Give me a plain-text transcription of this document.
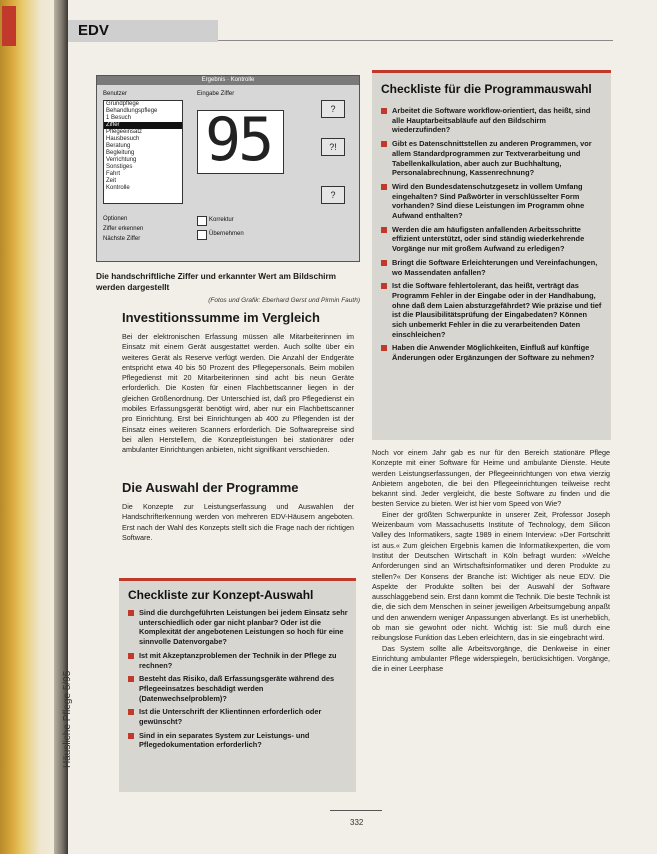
EDV
Häusliche Pflege 5/95
Ergebnis · Kontrolle
Benutzer	Eingabe Ziffer
Grundpflege
Behandlungspflege
1 Besuch
Ziffer
Pflegeeinsatz
Hausbesuch
Beratung
Begleitung
Verrichtung
Sonstiges
Fahrt
Zeit
Kontrolle
95	?
?!
?
Optionen
Ziffer erkennen
Nächste Ziffer
Korrektur
Übernehmen
Die handschriftliche Ziffer und erkannter Wert am Bildschirm werden dargestellt
(Fotos und Grafik: Eberhard Gerst und Pirmin Fauth)
Investitionssumme im Vergleich
Bei der elektronischen Erfassung müssen alle Mitarbeiterinnen im Einsatz mit einem Gerät ausgestattet werden. Auch sollte über ein weiteres Gerät als Reserve verfügt werden. Die Anzahl der Endgeräte entspricht etwa 40 bis 50 Prozent des Pflegepersonals. Beim mobilen Pflegedienst mit 20 Mitarbeiterinnen sind acht bis neun Geräte erforderlich. Die Kosten für einen Flachbettscanner liegen in der gleichen Größenordnung. Der Unterschied ist, daß pro Pflegedienst ein mobiles Erfassungsgerät benötigt wird, aber nur ein Flachbettscanner pro Einrichtung. Erst bei Einrichtungen ab 400 zu Pflegenden ist der Einsatz eines weiteren Scanners erforderlich. Die Softwarepreise sind bei allen Herstellern, die Konzeptleistungen bei stationärer oder ambulanter Einrichtungen anbieten, nicht signifikant verschieden.
Die Auswahl der Programme
Die Konzepte zur Leistungserfassung und Auswahlen der Handschrifterkennung werden von mehreren EDV-Häusern angeboten. Erst nach der Wahl des Konzepts stellt sich die Frage nach der richtigen Software.
Checkliste zur Konzept-Auswahl
Sind die durchgeführten Leistungen bei jedem Einsatz sehr unterschiedlich oder gar nicht planbar? Oder ist die Komplexität der angebotenen Leistungen so hoch für eine sinnvolle Datenvorgabe?
Ist mit Akzeptanzproblemen der Technik in der Pflege zu rechnen?
Besteht das Risiko, daß Erfassungsgeräte während des Pflegeeinsatzes beschädigt werden (Datenwechselproblem)?
Ist die Unterschrift der Klientinnen erforderlich oder gewünscht?
Sind in ein separates System zur Leistungs- und Pflegedokumentation erforderlich?
Checkliste für die Programmauswahl
Arbeitet die Software workflow-orientiert, das heißt, sind alle Hauptarbeitsabläufe auf den Bildschirm wiederzufinden?
Gibt es Datenschnittstellen zu anderen Programmen, vor allem Standardprogrammen zur Textverarbeitung und Tabellenkalkulation, aber auch zur Buchhaltung, Personalabrechnung, Kassenrechnung?
Wird den Bundesdatenschutzgesetz in vollem Umfang eingehalten? Sind Paßwörter in verschlüsselter Form vorhanden? Sind diese Leistungen im Programm ohne Aufwand enthalten?
Werden die am häufigsten anfallenden Arbeitsschritte effizient unterstützt, oder sind ständig wiederkehrende Vorgänge nur mit großem Aufwand zu erledigen?
Bringt die Software Erleichterungen und Vereinfachungen, wo Massendaten anfallen?
Ist die Software fehlertolerant, das heißt, verträgt das Programm Fehler in der Eingabe oder in der Handhabung, ohne daß dem Laien absturzgefährdet? Wie präzise und tief ist die Plausibilitätsprüfung der Eingabedaten? Können sich unbemerkt Fehler in die zu verarbeitenden Daten einschleichen?
Haben die Anwender Möglichkeiten, Einfluß auf künftige Änderungen oder Ergänzungen der Software zu nehmen?
Noch vor einem Jahr gab es nur für den Bereich stationäre Pflege Konzepte mit einer Software für Heime und ambulante Dienste. Heute werden Leistungserfassungen, der Pflegeeinrichtungen von etwa vierzig Anbietern angeboten, die bei den Pflegeeinrichtungen teilweise recht bekannt sind. Jeder vergleicht, die beste Software zu finden und die besten Service zu bieten. Wer ist hier vom Speed von Wie?
Einer der größten Schwerpunkte in unserer Zeit, Professor Joseph Weizenbaum vom Massachusetts Institute of Technology, dem Silicon Valley des Informatikers, sagte 1989 in einem Interview: »Der Fortschritt ist aus.« Zum gleichen Ergebnis kamen die Informatikexperten, die vom Institut der Deutschen Wirtschaft in Köln befragt wurden: »Welche Anforderungen sind an Wirtschaftsinformatiker und deren Produkte zu stellen?« Der Konsens der Branche ist: Wichtiger als neue EDV. Die Aspekte der Produkte sollten bei der Auswahl der Software ausschlaggebend sein. Erst dann kommt die Technik. Die beste Technik ist die, die sich dem Menschen in seiner jeweiligen Arbeitsumgebung anpaßt und den anwendern weniger Anpassungen abverlangt. Es ist unerheblich, ob man sie gewohnt oder nicht. Wichtig ist: Sie muß durch eine reibungslose Funktion das Leben erleichtern, das in sie eingebracht wird.
Das System sollte alle Arbeitsvorgänge, die Denkweise in einer Einrichtung ambulanter Pflege widerspiegeln, berücksichtigen. Vorgänge, die in einer Leerphase
332
